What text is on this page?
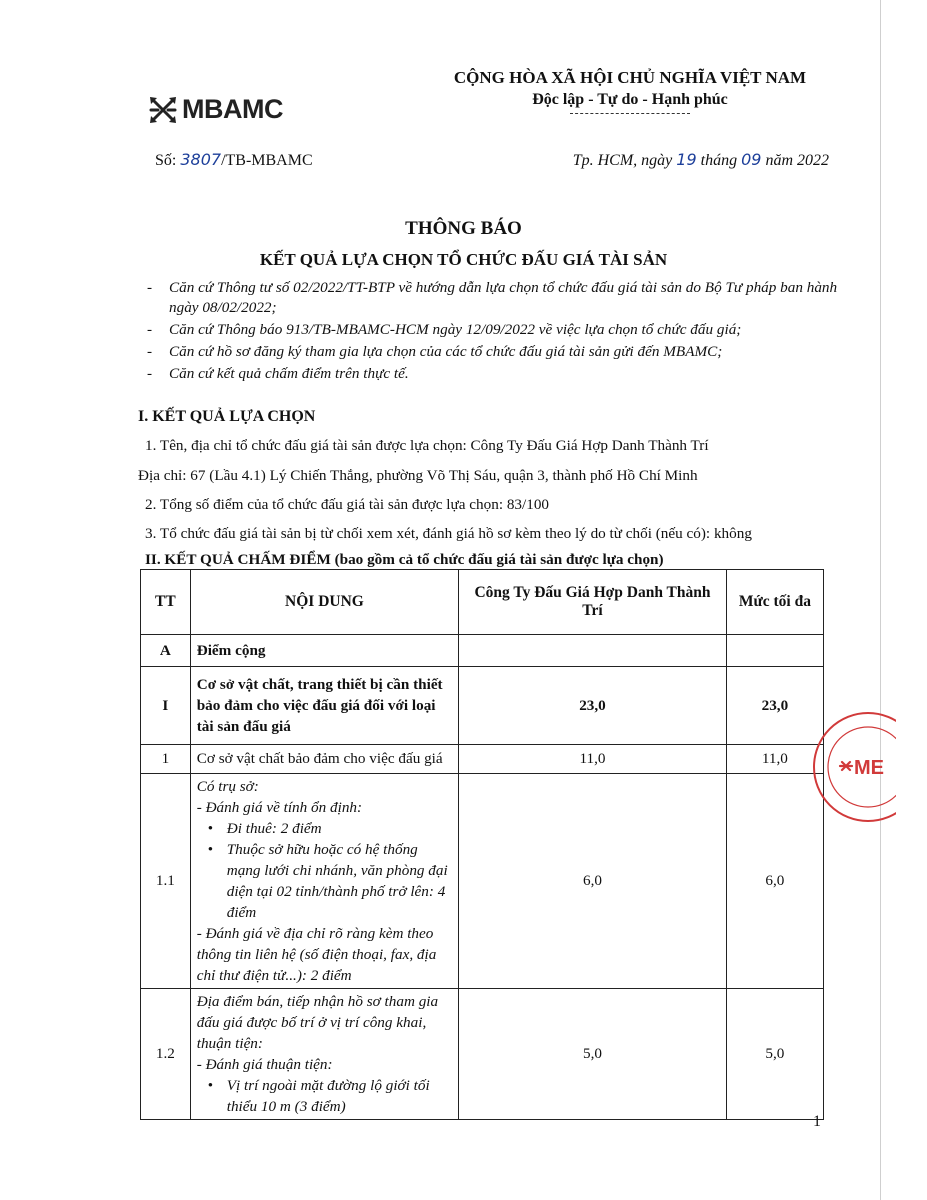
MBAMC
CỘNG HÒA XÃ HỘI CHỦ NGHĨA VIỆT NAM
Độc lập - Tự do - Hạnh phúc
Số: 3807/TB-MBAMC	Tp. HCM, ngày 19 tháng 09 năm 2022
THÔNG BÁO
KẾT QUẢ LỰA CHỌN TỔ CHỨC ĐẤU GIÁ TÀI SẢN
- Căn cứ Thông tư số 02/2022/TT-BTP về hướng dẫn lựa chọn tổ chức đấu giá tài sản do Bộ Tư pháp ban hành ngày 08/02/2022;
- Căn cứ Thông báo 913/TB-MBAMC-HCM ngày 12/09/2022 về việc lựa chọn tổ chức đấu giá;
- Căn cứ hồ sơ đăng ký tham gia lựa chọn của các tổ chức đấu giá tài sản gửi đến MBAMC;
- Căn cứ kết quả chấm điểm trên thực tế.
I. KẾT QUẢ LỰA CHỌN
1. Tên, địa chỉ tổ chức đấu giá tài sản được lựa chọn: Công Ty Đấu Giá Hợp Danh Thành Trí
Địa chỉ: 67 (Lầu 4.1) Lý Chiến Thắng, phường Võ Thị Sáu, quận 3, thành phố Hồ Chí Minh
2. Tổng số điểm của tổ chức đấu giá tài sản được lựa chọn: 83/100
3. Tổ chức đấu giá tài sản bị từ chối xem xét, đánh giá hồ sơ kèm theo lý do từ chối (nếu có): không
II. KẾT QUẢ CHẤM ĐIỂM (bao gồm cả tổ chức đấu giá tài sản được lựa chọn)
TT	NỘI DUNG	Công Ty Đấu Giá Hợp Danh Thành Trí	Mức tối đa
A	Điểm cộng		
I	Cơ sở vật chất, trang thiết bị cần thiết bảo đảm cho việc đấu giá đối với loại tài sản đấu giá	23,0	23,0
1	Cơ sở vật chất bảo đảm cho việc đấu giá	11,0	11,0
1.1	Có trụ sở:
- Đánh giá về tính ổn định:
• Đi thuê: 2 điểm
• Thuộc sở hữu hoặc có hệ thống mạng lưới chi nhánh, văn phòng đại diện tại 02 tỉnh/thành phố trở lên: 4 điểm
- Đánh giá về địa chỉ rõ ràng kèm theo thông tin liên hệ (số điện thoại, fax, địa chỉ thư điện tử...): 2 điểm	6,0	6,0
1.2	Địa điểm bán, tiếp nhận hồ sơ tham gia đấu giá được bố trí ở vị trí công khai, thuận tiện:
- Đánh giá thuận tiện:
• Vị trí ngoài mặt đường lộ giới tối thiểu 10 m (3 điểm)	5,0	5,0
1
ME
